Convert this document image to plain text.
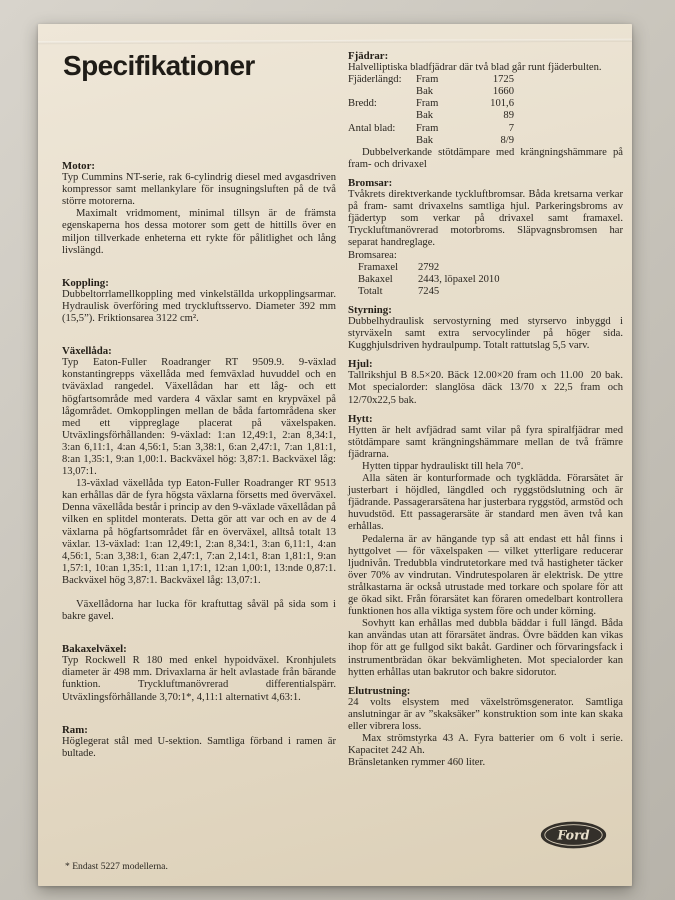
Specifikationer
Motor:

Typ Cummins NT-serie, rak 6-cylindrig diesel med avgasdriven kompressor samt mellankylare för insugningsluften på de två större motorerna.

Maximalt vridmoment, minimal tillsyn är de främsta egenskaperna hos dessa motorer som gett de hittills över en miljon tillverkade enheterna ett rykte för pålitlighet och lång livslängd.

Koppling:

Dubbeltorrlamellkoppling med vinkelställda urkopplingsarmar. Hydraulisk överföring med tryckluftsservo. Diameter 392 mm (15,5”). Friktionsarea 3122 cm².

Växellåda:

Typ Eaton-Fuller Roadranger RT 9509.9. 9-växlad konstantingrepps växellåda med femväxlad huvuddel och en tväväxlad rangedel. Växellådan har ett låg- och ett högfartsområde med vardera 4 växlar samt en krypväxel på lågområdet. Omkopplingen mellan de båda fartområdena sker med ett vippreglage placerat på växelspaken. Utväxlingsförhållanden: 9-växlad: 1:an 12,49:1, 2:an 8,34:1, 3:an 6,11:1, 4:an 4,56:1, 5:an 3,38:1, 6:an 2,47:1, 7:an 1,81:1, 8:an 1,35:1, 9:an 1,00:1. Backväxel hög: 3,87:1. Backväxel låg: 13,07:1.

13-växlad växellåda typ Eaton-Fuller Roadranger RT 9513 kan erhållas där de fyra högsta växlarna försetts med överväxel. Denna växellåda består i princip av den 9-växlade växellådan på vilken en splitdel monterats. Detta gör att var och en av de 4 växlarna på högfartsområdet får en överväxel, alltså totalt 13 växlar. 13-växlad: 1:an 12,49:1, 2:an 8,34:1, 3:an 6,11:1, 4:an 4,56:1, 5:an 3,38:1, 6:an 2,47:1, 7:an 2,14:1, 8:an 1,81:1, 9:an 1,57:1, 10:an 1,35:1, 11:an 1,17:1, 12:an 1,00:1, 13:nde 0,87:1. Backväxel hög 3,87:1. Backväxel låg: 13,07:1.

Växellådorna har lucka för kraftuttag såväl på sida som i bakre gavel.

Bakaxelväxel:

Typ Rockwell R 180 med enkel hypoidväxel. Kronhjulets diameter är 498 mm. Drivaxlarna är helt avlastade från bärande funktion. Tryckluftmanövrerad differentialspärr. Utväxlingsförhållande 3,70:1*, 4,11:1 alternativt 4,63:1.

Ram:

Höglegerat stål med U-sektion. Samtliga förband i ramen är bultade.

Fjädrar:

Halvelliptiska bladfjädrar där två blad går runt fjäderbulten.

Fjäderlängd:	Fram	1725
Bak	1660
Bredd:	Fram	101,6
Bak	89
Antal blad:	Fram	7
Bak	8/9

Dubbelverkande stötdämpare med krängningshämmare på fram- och drivaxel

Bromsar:

Tvåkrets direktverkande tyckluftbromsar. Båda kretsarna verkar på fram- samt drivaxelns samtliga hjul. Parkeringsbroms av fjädertyp som verkar på drivaxel samt framaxel. Tryckluftmanövrerad motorbroms. Släpvagnsbromsen har separat handreglage.

Bromsarea:
Framaxel	2792
Bakaxel	2443, löpaxel 2010
Totalt	7245
Styrning:

Dubbelhydraulisk servostyrning med styrservo inbyggd i styrväxeln samt extra servocylinder på höger sida. Kugghjulsdriven hydraulpump. Totalt rattutslag 5,5 varv.

Hjul:

Tallrikshjul B 8.5×20. Bäck 12.00×20 fram och 11.00  20 bak. Mot specialorder: slanglösa däck 13/70 x 22,5 fram och 12/70x22,5 bak.

Hytt:

Hytten är helt avfjädrad samt vilar på fyra spiralfjädrar med stötdämpare samt krängningshämmare mellan de två främre fjädrarna.

Hytten tippar hydrauliskt till hela 70°.

Alla säten är konturformade och tygklädda. Förarsätet är justerbart i höjdled, längdled och ryggstödslutning och är fjädrande. Passagerarsätena har justerbara ryggstöd, armstöd och huvudstöd. Ett passagerarsäte är standard men även två kan erhållas.

Pedalerna är av hängande typ så att endast ett hål finns i hyttgolvet — för växelspaken — vilket ytterligare reducerar ljudnivån. Tredubbla vindrutetorkare med två hastigheter täcker över 70% av vindrutan. Vindrutespolaren är elektrisk. De yttre strålkastarna är också utrustade med torkare och spolare för att ge ökad sikt. Från förarsätet kan föraren omedelbart kontrollera funktionen hos alla viktiga system före och under körning.

Sovhytt kan erhållas med dubbla bäddar i full längd. Båda kan användas utan att förarsätet ändras. Övre bädden kan vikas ihop för att ge fullgod sikt bakåt. Gardiner och förvaringsfack i instrumentbrädan ökar bekvämligheten. Mot specialorder kan hytten erhållas utan bakrutor och bakre sidorutor.

Elutrustning:

24 volts elsystem med växelströmsgenerator. Samtliga anslutningar är av ”skaksäker” konstruktion som inte kan skaka eller vibrera loss.

Max strömstyrka 43 A. Fyra batterier om 6 volt i serie. Kapacitet 242 Ah.

Bränsletanken rymmer 460 liter.

* Endast 5227 modellerna.
Ford
